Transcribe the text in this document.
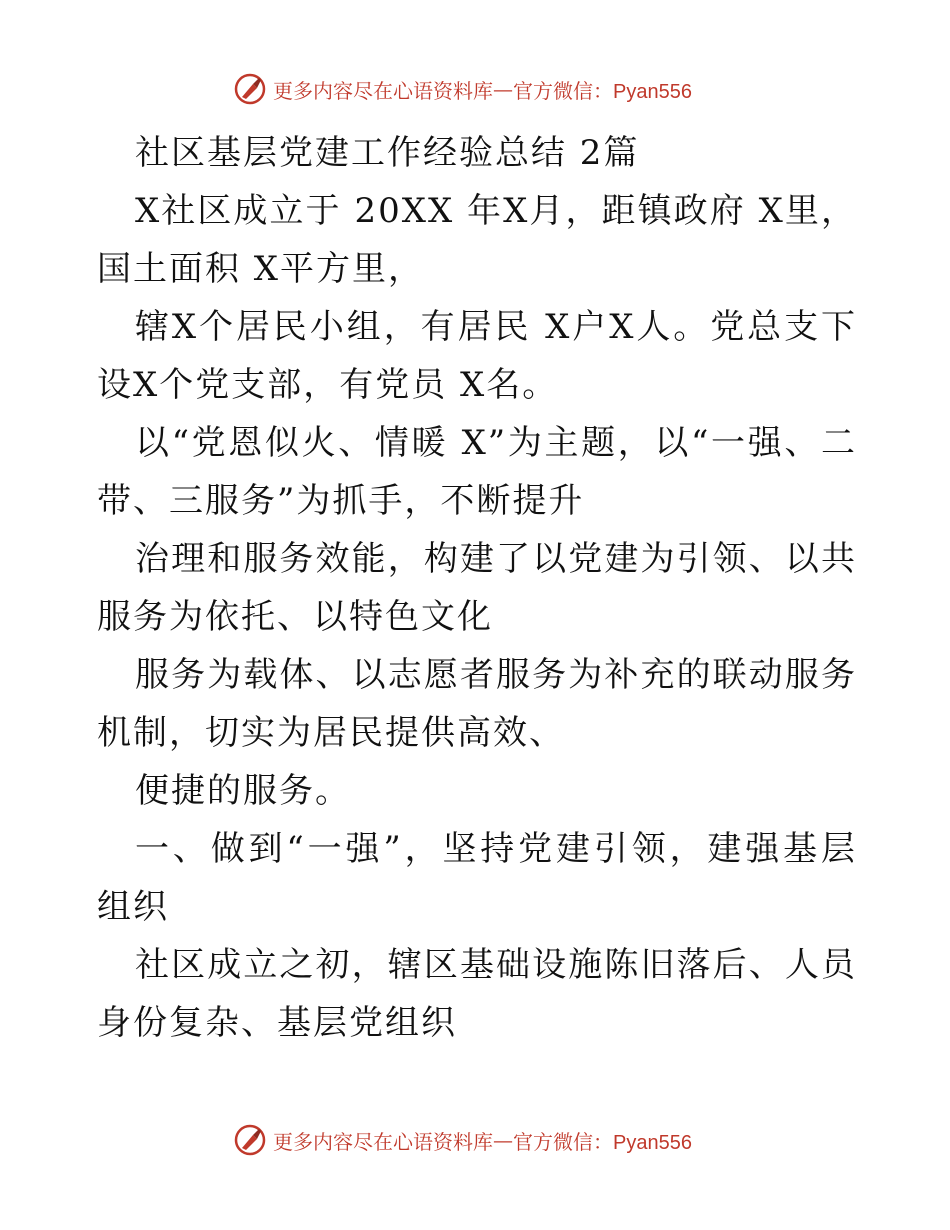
更多内容尽在心语资料库 — 官方微信：Pyan556

社区基层党建工作经验总结 2篇

X社区成立于 20XX 年X月，距镇政府 X里，国土面积 X平方里，

辖X个居民小组，有居民 X户X人。党总支下设X个党支部，有党员 X名。

以“党恩似火、情暖 X”为主题，以“一强、二带、三服务”为抓手，不断提升

治理和服务效能，构建了以党建为引领、以共服务为依托、以特色文化

服务为载体、以志愿者服务为补充的联动服务机制，切实为居民提供高效、

便捷的服务。

一、做到“一强”，坚持党建引领，建强基层组织

社区成立之初，辖区基础设施陈旧落后、人员身份复杂、基层党组织

更多内容尽在心语资料库 — 官方微信：Pyan556
